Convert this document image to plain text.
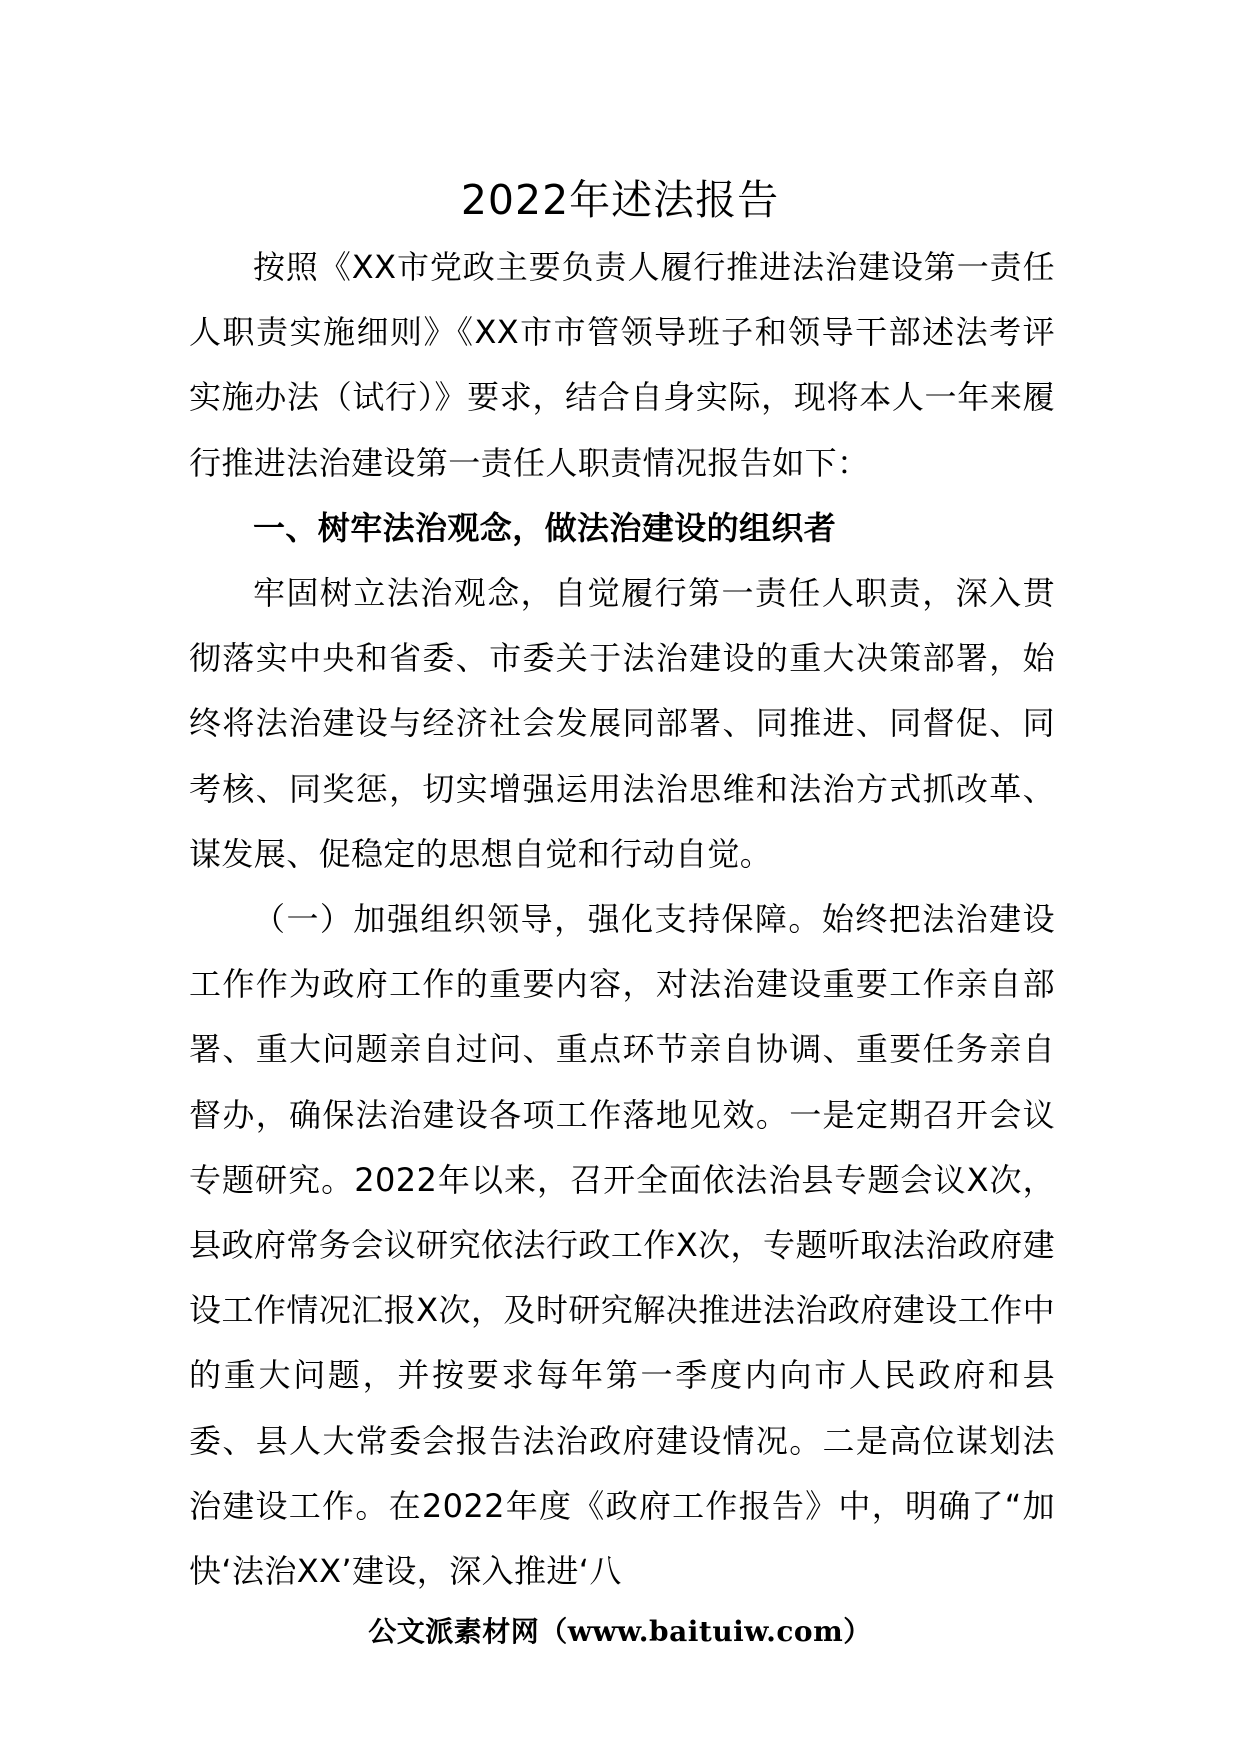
2022年述法报告

按照《XX市党政主要负责人履行推进法治建设第一责任人职责实施细则》《XX市市管领导班子和领导干部述法考评实施办法（试行）》要求，结合自身实际，现将本人一年来履行推进法治建设第一责任人职责情况报告如下：

一、树牢法治观念，做法治建设的组织者

牢固树立法治观念，自觉履行第一责任人职责，深入贯彻落实中央和省委、市委关于法治建设的重大决策部署，始终将法治建设与经济社会发展同部署、同推进、同督促、同考核、同奖惩，切实增强运用法治思维和法治方式抓改革、谋发展、促稳定的思想自觉和行动自觉。

（一）加强组织领导，强化支持保障。始终把法治建设工作作为政府工作的重要内容，对法治建设重要工作亲自部署、重大问题亲自过问、重点环节亲自协调、重要任务亲自督办，确保法治建设各项工作落地见效。一是定期召开会议专题研究。2022年以来，召开全面依法治县专题会议X次，县政府常务会议研究依法行政工作X次，专题听取法治政府建设工作情况汇报X次，及时研究解决推进法治政府建设工作中的重大问题，并按要求每年第一季度内向市人民政府和县委、县人大常委会报告法治政府建设情况。二是高位谋划法治建设工作。在2022年度《政府工作报告》中，明确了“加快‘法治XX’建设，深入推进‘八

公文派素材网（www.baituiw.com）
